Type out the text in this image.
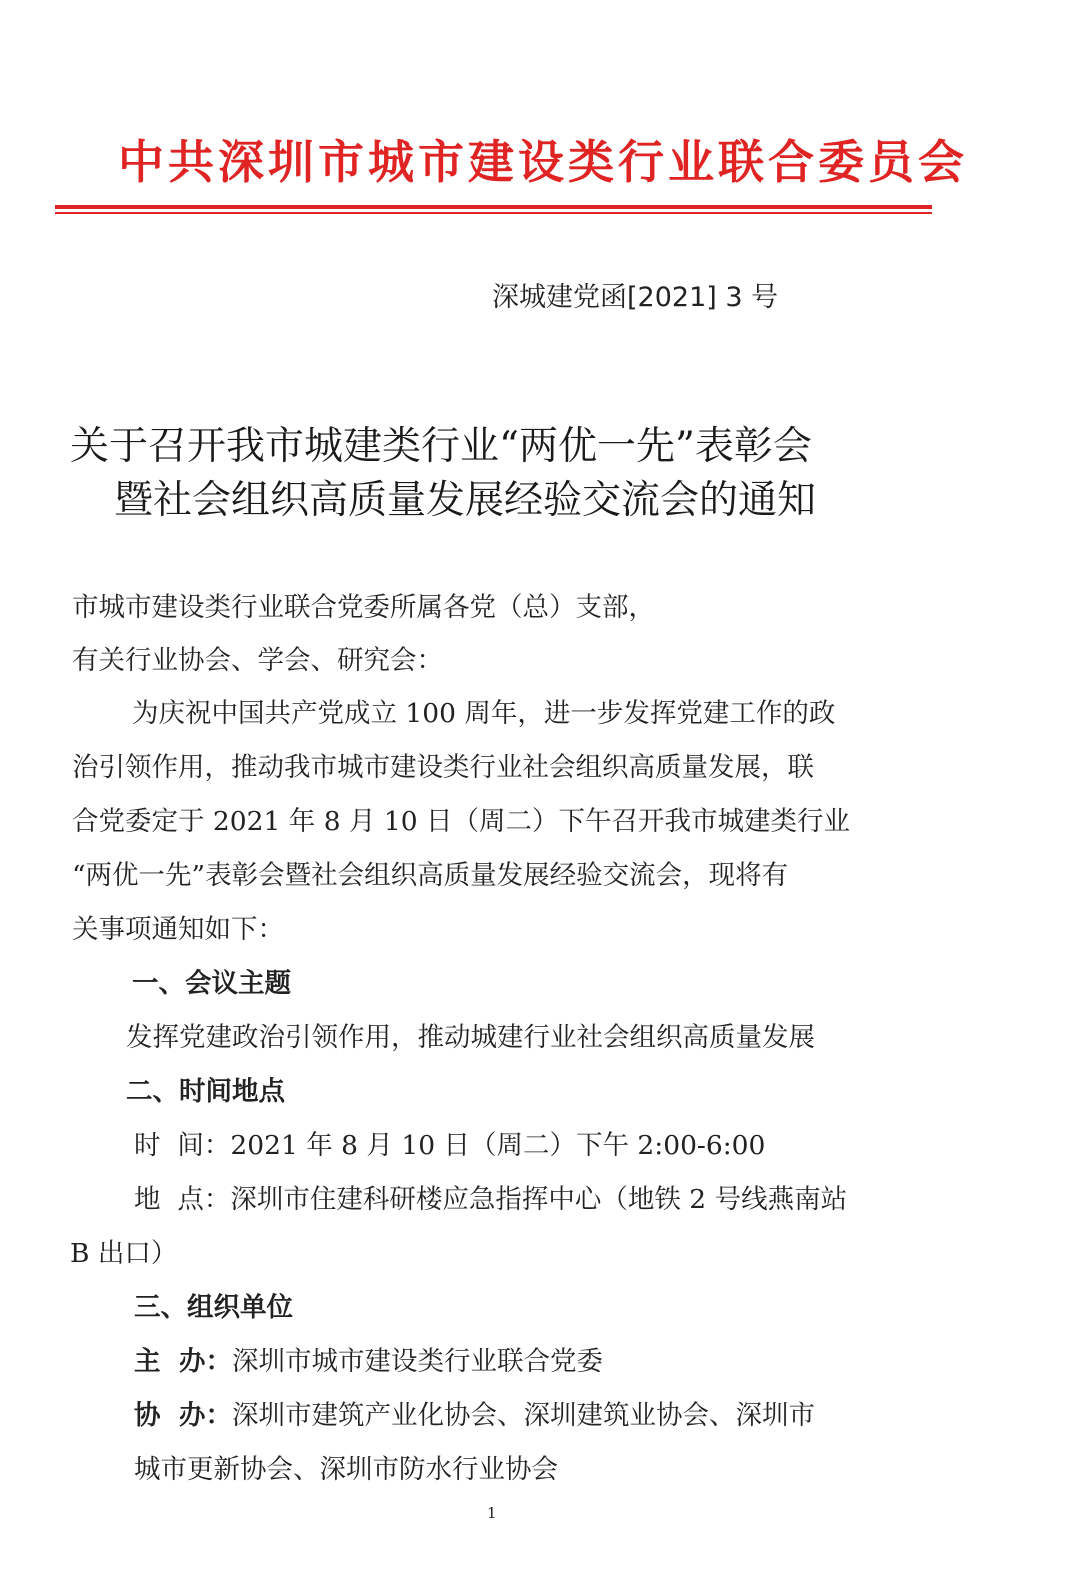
中共深圳市城市建设类行业联合委员会
深城建党函[2021] 3 号
关于召开我市城建类行业“两优一先”表彰会
暨社会组织高质量发展经验交流会的通知
市城市建设类行业联合党委所属各党（总）支部，
有关行业协会、学会、研究会：
为庆祝中国共产党成立 100 周年，进一步发挥党建工作的政
治引领作用，推动我市城市建设类行业社会组织高质量发展，联
合党委定于 2021 年 8 月 10 日（周二）下午召开我市城建类行业
“两优一先”表彰会暨社会组织高质量发展经验交流会，现将有
关事项通知如下：
一、会议主题
发挥党建政治引领作用，推动城建行业社会组织高质量发展
二、时间地点
时  间：2021 年 8 月 10 日（周二）下午 2:00-6:00
地  点：深圳市住建科研楼应急指挥中心（地铁 2 号线燕南站
B 出口）
三、组织单位
主  办：深圳市城市建设类行业联合党委
协  办：深圳市建筑产业化协会、深圳建筑业协会、深圳市
城市更新协会、深圳市防水行业协会
1
